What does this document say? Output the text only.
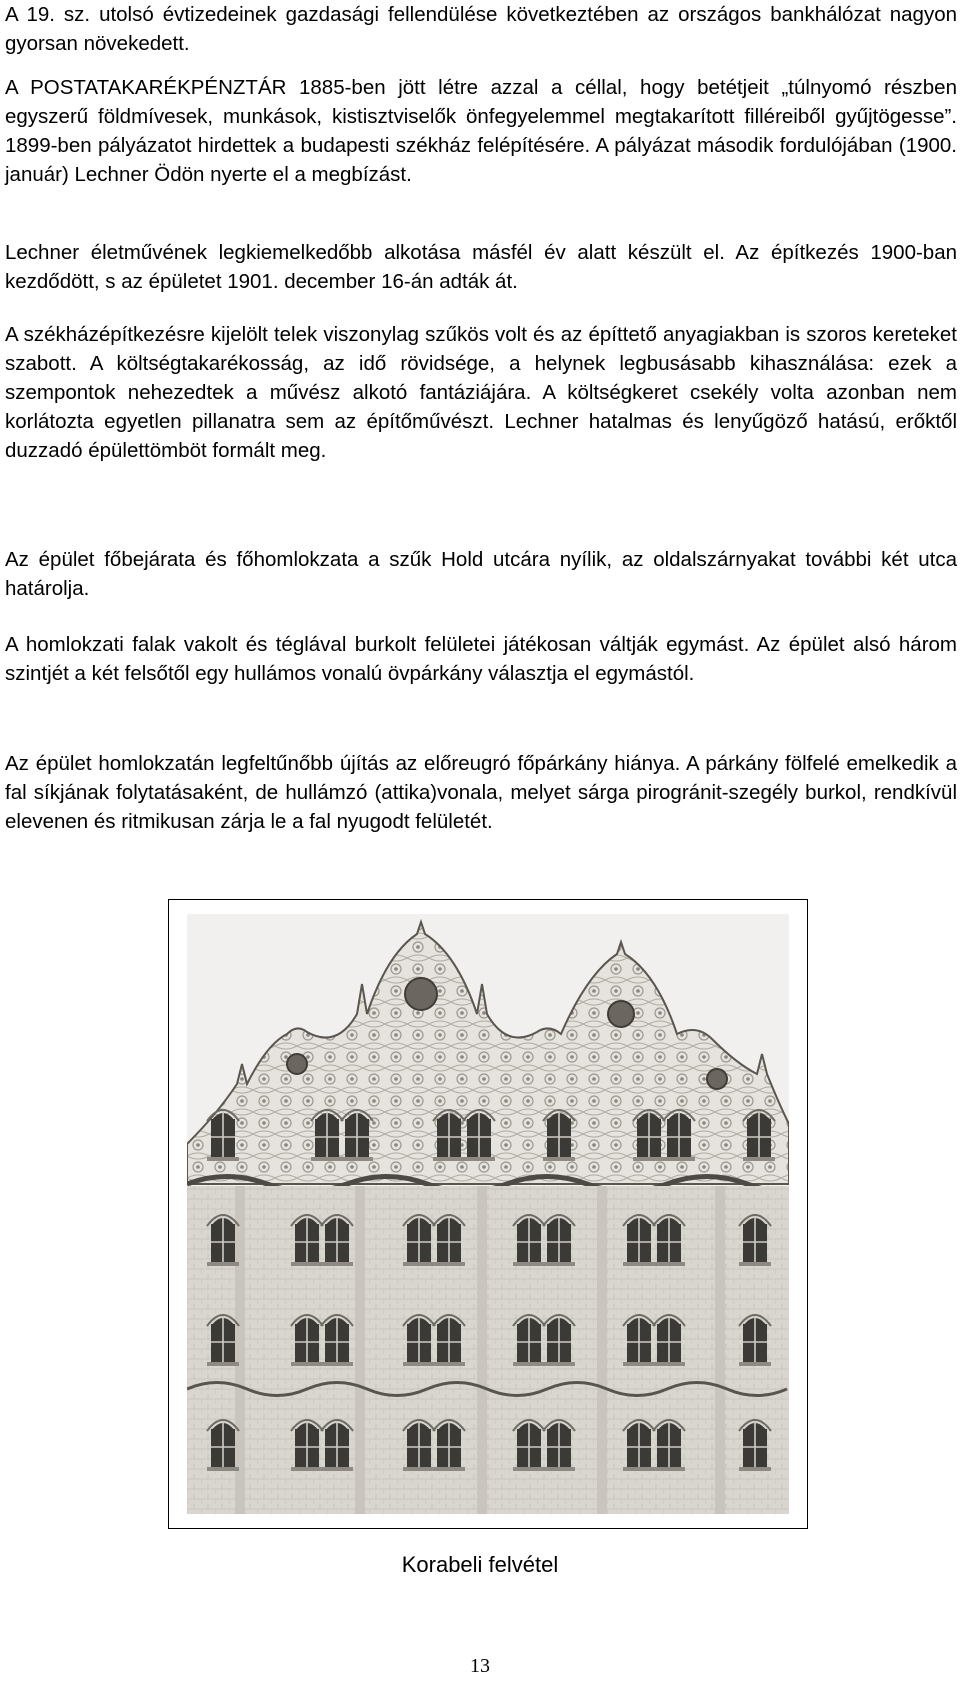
A 19. sz. utolsó évtizedeinek gazdasági fellendülése következtében az országos bankhálózat nagyon gyorsan növekedett.

A POSTATAKARÉKPÉNZTÁR 1885-ben jött létre azzal a céllal, hogy betétjeit „túlnyomó részben egyszerű földmívesek, munkások, kistisztviselők önfegyelemmel megtakarított filléreiből gyűjtögesse”. 1899-ben pályázatot hirdettek a budapesti székház felépítésére. A pályázat második fordulójában (1900. január) Lechner Ödön nyerte el a megbízást.

Lechner életművének legkiemelkedőbb alkotása másfél év alatt készült el. Az építkezés 1900-ban kezdődött, s az épületet 1901. december 16-án adták át.

A székházépítkezésre kijelölt telek viszonylag szűkös volt és az építtető anyagiakban is szoros kereteket szabott. A költségtakarékosság, az idő rövidsége, a helynek legbusásabb kihasználása: ezek a szempontok nehezedtek a művész alkotó fantáziájára. A költségkeret csekély volta azonban nem korlátozta egyetlen pillanatra sem az építőművészt. Lechner hatalmas és lenyűgöző hatású, erőktől duzzadó épülettömböt formált meg.

Az épület főbejárata és főhomlokzata a szűk Hold utcára nyílik, az oldalszárnyakat további két utca határolja.

A homlokzati falak vakolt és téglával burkolt felületei játékosan váltják egymást. Az épület alsó három szintjét a két felsőtől egy hullámos vonalú övpárkány választja el egymástól.

Az épület homlokzatán legfeltűnőbb újítás az előreugró főpárkány hiánya. A párkány fölfelé emelkedik a fal síkjának folytatásaként, de hullámzó (attika)vonala, melyet sárga pirogránit-szegély burkol, rendkívül elevenen és ritmikusan zárja le a fal nyugodt felületét.

Korabeli felvétel
13
